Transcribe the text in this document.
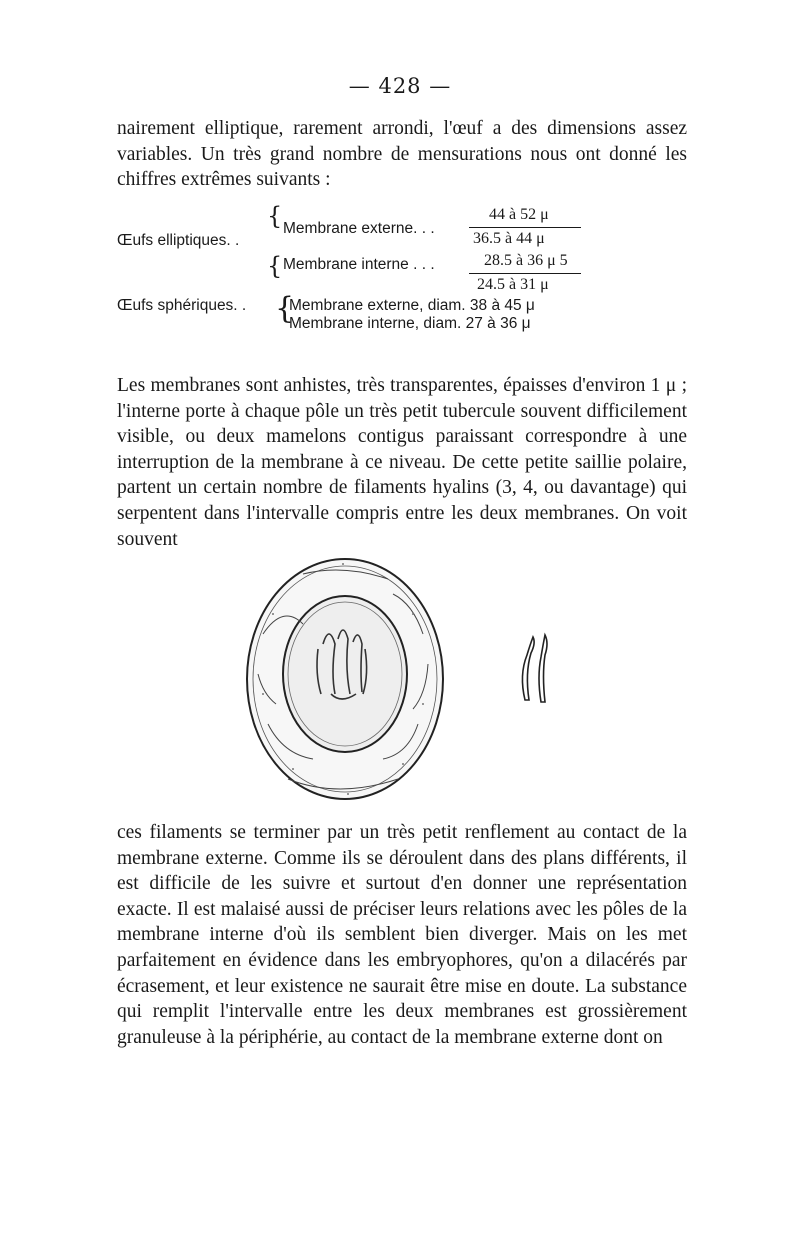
— 428 —
nairement elliptique, rarement arrondi, l'œuf a des dimensions assez variables. Un très grand nombre de mensurations nous ont donné les chiffres extrêmes suivants :
Œufs elliptiques. .
{
{
Membrane externe. . .
Membrane interne . . .
44 à 52 μ
36.5 à 44 μ
28.5 à 36 μ 5
24.5 à 31 μ
Œufs sphériques. . {
Membrane externe, diam. 38 à 45 μ
Membrane interne, diam. 27 à 36 μ
Les membranes sont anhistes, très transparentes, épaisses d'environ 1 μ ; l'interne porte à chaque pôle un très petit tubercule souvent difficilement visible, ou deux mamelons contigus paraissant correspondre à une interruption de la membrane à ce niveau. De cette petite saillie polaire, partent un certain nombre de filaments hyalins (3, 4, ou davantage) qui serpentent dans l'intervalle compris entre les deux membranes. On voit souvent
ces filaments se terminer par un très petit renflement au contact de la membrane externe. Comme ils se déroulent dans des plans différents, il est difficile de les suivre et surtout d'en donner une représentation exacte. Il est malaisé aussi de préciser leurs relations avec les pôles de la membrane interne d'où ils semblent bien diverger. Mais on les met parfaitement en évidence dans les embryophores, qu'on a dilacérés par écrasement, et leur existence ne saurait être mise en doute. La substance qui remplit l'intervalle entre les deux membranes est grossièrement granuleuse à la périphérie, au contact de la membrane externe dont on
